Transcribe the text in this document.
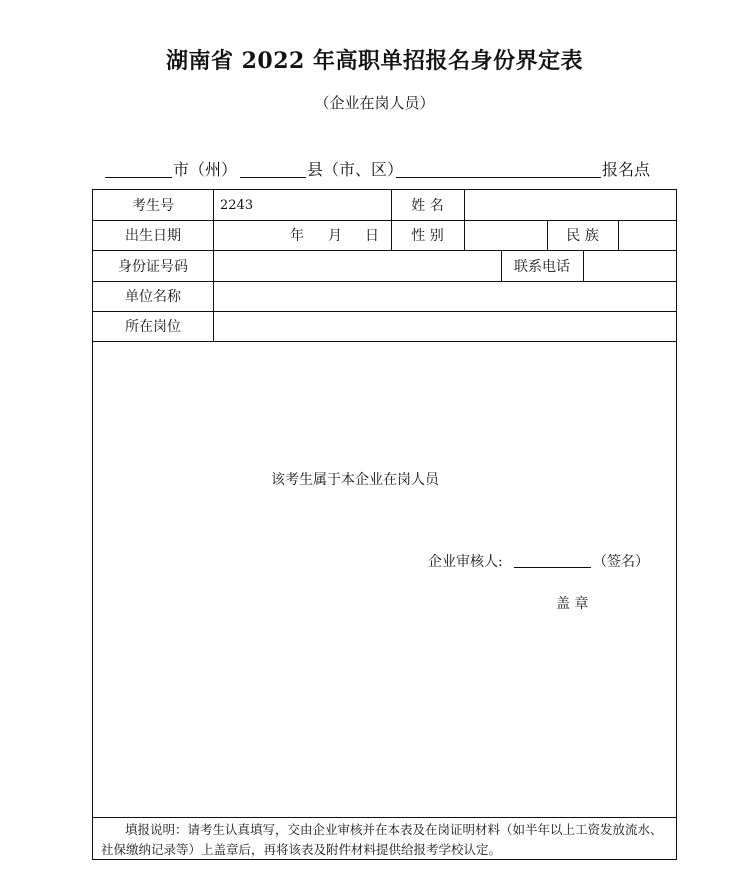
湖南省 2022 年高职单招报名身份界定表
（企业在岗人员）
市（州）	县（市、区）	报名点
考生号	2243	姓 名
出生日期	年 月 日	性 别	民 族
身份证号码	联系电话
单位名称
所在岗位
该考生属于本企业在岗人员
企业审核人:	（签名）
盖 章
填报说明：请考生认真填写，交由企业审核并在本表及在岗证明材料（如半年以上工资发放流水、社保缴纳记录等）上盖章后，再将该表及附件材料提供给报考学校认定。
